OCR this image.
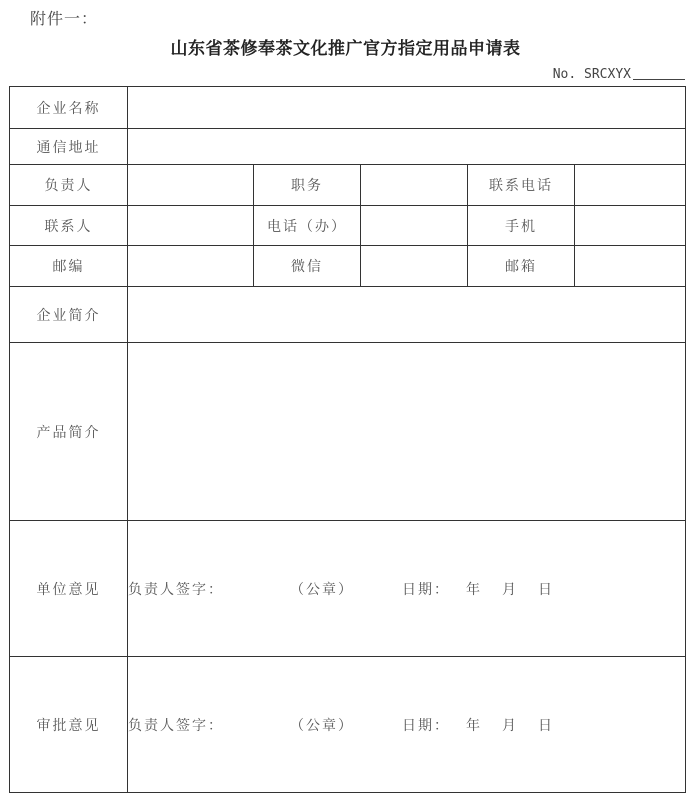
附件一：
山东省茶修奉茶文化推广官方指定用品申请表
No. SRCXYX
企业名称					
通信地址					
负责人		职务		联系电话	
联系人		电话（办）		手机	
邮编		微信		邮箱	
企业简介					
产品简介					
单位意见	负责人签字： （公章） 日期： 年 月 日				
审批意见	负责人签字： （公章） 日期： 年 月 日				
